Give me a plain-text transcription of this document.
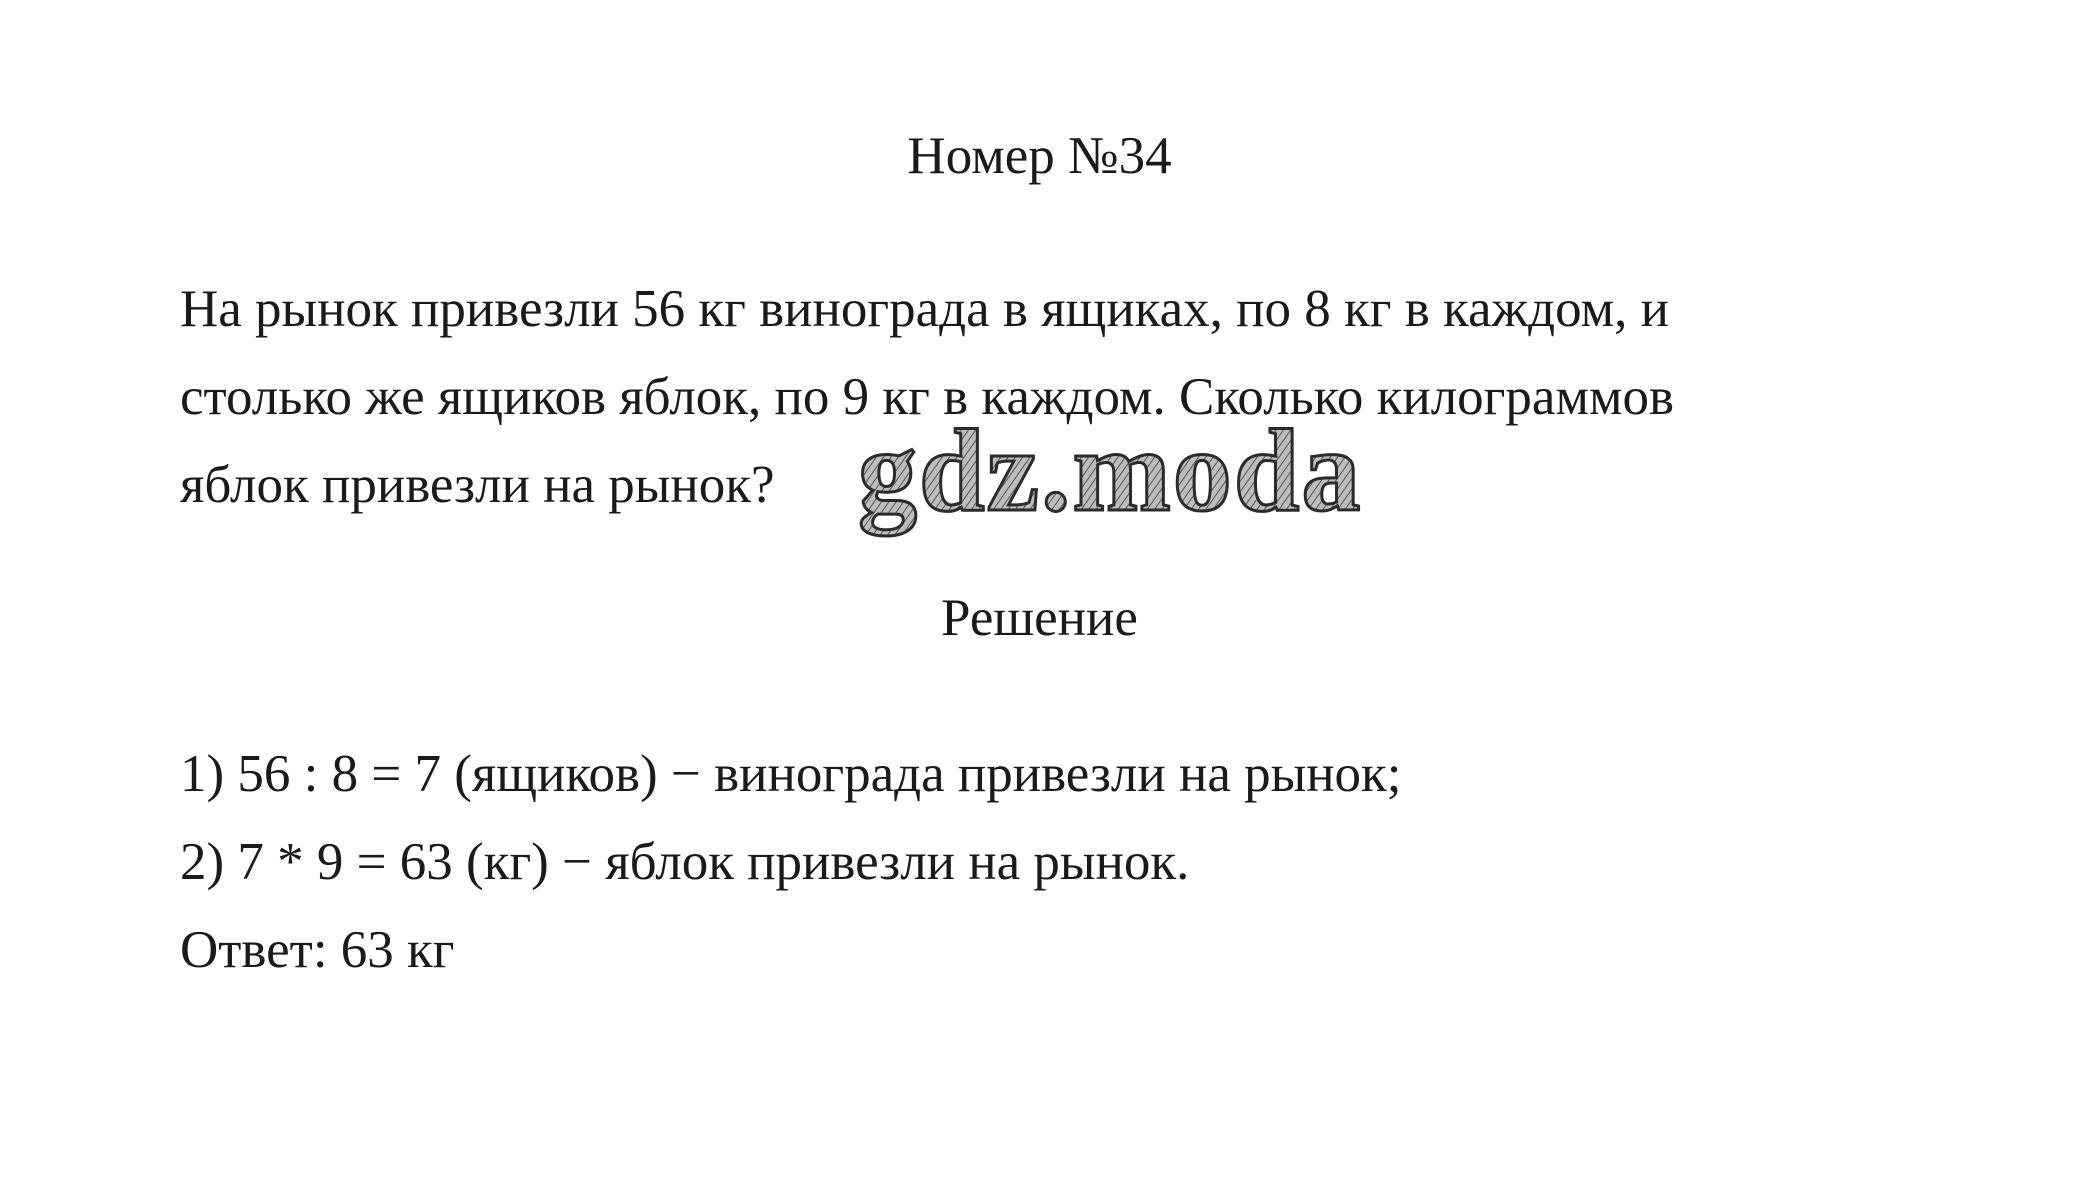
Номер №34
На рынок привезли 56 кг винограда в ящиках, по 8 кг в каждом, и
столько же ящиков яблок, по 9 кг в каждом. Сколько килограммов
яблок привезли на рынок?
Решение
1) 56 : 8 = 7 (ящиков) − винограда привезли на рынок;
2) 7 * 9 = 63 (кг) − яблок привезли на рынок.
Ответ: 63 кг
gdz.moda
